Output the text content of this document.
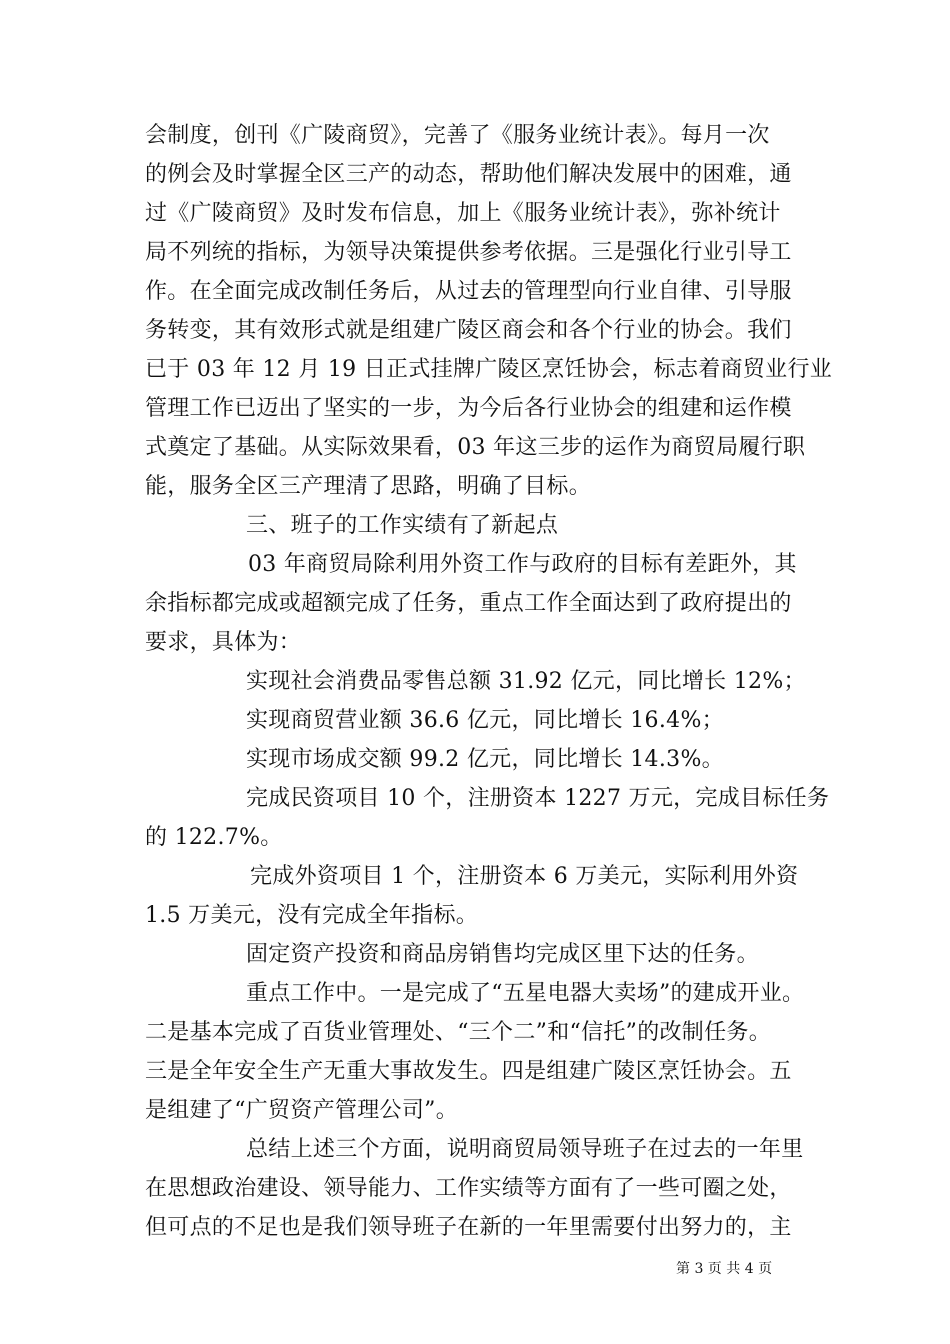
会制度，创刊《广陵商贸》，完善了《服务业统计表》。每月一次
的例会及时掌握全区三产的动态，帮助他们解决发展中的困难，通
过《广陵商贸》及时发布信息，加上《服务业统计表》，弥补统计
局不列统的指标，为领导决策提供参考依据。三是强化行业引导工
作。在全面完成改制任务后，从过去的管理型向行业自律、引导服
务转变，其有效形式就是组建广陵区商会和各个行业的协会。我们
已于 03 年 12 月 19 日正式挂牌广陵区烹饪协会，标志着商贸业行业
管理工作已迈出了坚实的一步，为今后各行业协会的组建和运作模
式奠定了基础。从实际效果看，03 年这三步的运作为商贸局履行职
能，服务全区三产理清了思路，明确了目标。
三、班子的工作实绩有了新起点
03 年商贸局除利用外资工作与政府的目标有差距外，其
余指标都完成或超额完成了任务，重点工作全面达到了政府提出的
要求，具体为：
实现社会消费品零售总额 31.92 亿元，同比增长 12%；
实现商贸营业额 36.6 亿元，同比增长 16.4%；
实现市场成交额 99.2 亿元，同比增长 14.3%。
完成民资项目 10 个，注册资本 1227 万元，完成目标任务
的 122.7%。
完成外资项目 1 个，注册资本 6 万美元，实际利用外资
1.5 万美元，没有完成全年指标。
固定资产投资和商品房销售均完成区里下达的任务。
重点工作中。一是完成了“五星电器大卖场”的建成开业。
二是基本完成了百货业管理处、“三个二”和“信托”的改制任务。
三是全年安全生产无重大事故发生。四是组建广陵区烹饪协会。五
是组建了“广贸资产管理公司”。
总结上述三个方面，说明商贸局领导班子在过去的一年里
在思想政治建设、领导能力、工作实绩等方面有了一些可圈之处，
但可点的不足也是我们领导班子在新的一年里需要付出努力的，主
第 3 页 共 4 页
